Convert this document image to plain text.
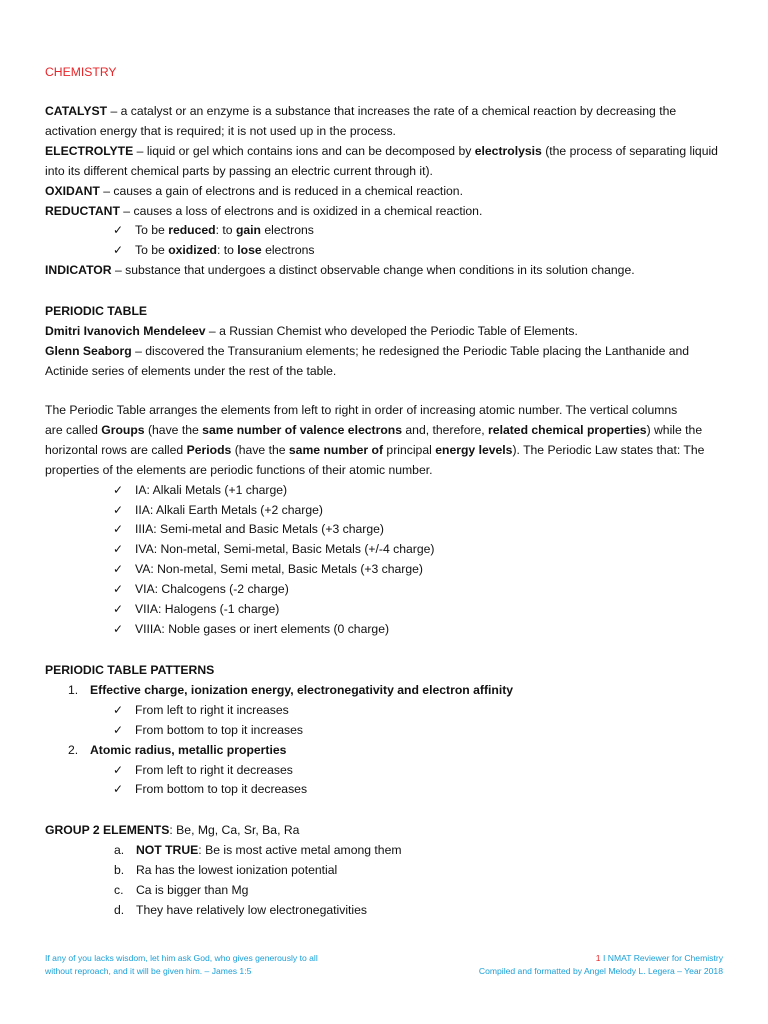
CHEMISTRY
CATALYST – a catalyst or an enzyme is a substance that increases the rate of a chemical reaction by decreasing the
activation energy that is required; it is not used up in the process.
ELECTROLYTE – liquid or gel which contains ions and can be decomposed by electrolysis (the process of separating liquid
into its different chemical parts by passing an electric current through it).
OXIDANT – causes a gain of electrons and is reduced in a chemical reaction.
REDUCTANT – causes a loss of electrons and is oxidized in a chemical reaction.
✓ To be reduced: to gain electrons
✓ To be oxidized: to lose electrons
INDICATOR – substance that undergoes a distinct observable change when conditions in its solution change.
PERIODIC TABLE
Dmitri Ivanovich Mendeleev – a Russian Chemist who developed the Periodic Table of Elements.
Glenn Seaborg – discovered the Transuranium elements; he redesigned the Periodic Table placing the Lanthanide and
Actinide series of elements under the rest of the table.
The Periodic Table arranges the elements from left to right in order of increasing atomic number. The vertical columns
are called Groups (have the same number of valence electrons and, therefore, related chemical properties) while the
horizontal rows are called Periods (have the same number of principal energy levels). The Periodic Law states that: The
properties of the elements are periodic functions of their atomic number.
✓ IA: Alkali Metals (+1 charge)
✓ IIA: Alkali Earth Metals (+2 charge)
✓ IIIA: Semi-metal and Basic Metals (+3 charge)
✓ IVA: Non-metal, Semi-metal, Basic Metals (+/-4 charge)
✓ VA: Non-metal, Semi metal, Basic Metals (+3 charge)
✓ VIA: Chalcogens (-2 charge)
✓ VIIA: Halogens (-1 charge)
✓ VIIIA: Noble gases or inert elements (0 charge)
PERIODIC TABLE PATTERNS
1. Effective charge, ionization energy, electronegativity and electron affinity
✓ From left to right it increases
✓ From bottom to top it increases
2. Atomic radius, metallic properties
✓ From left to right it decreases
✓ From bottom to top it decreases
GROUP 2 ELEMENTS: Be, Mg, Ca, Sr, Ba, Ra
a. NOT TRUE: Be is most active metal among them
b. Ra has the lowest ionization potential
c. Ca is bigger than Mg
d. They have relatively low electronegativities
If any of you lacks wisdom, let him ask God, who gives generously to all
without reproach, and it will be given him. – James 1:5
1 I NMAT Reviewer for Chemistry
Compiled and formatted by Angel Melody L. Legera – Year 2018
